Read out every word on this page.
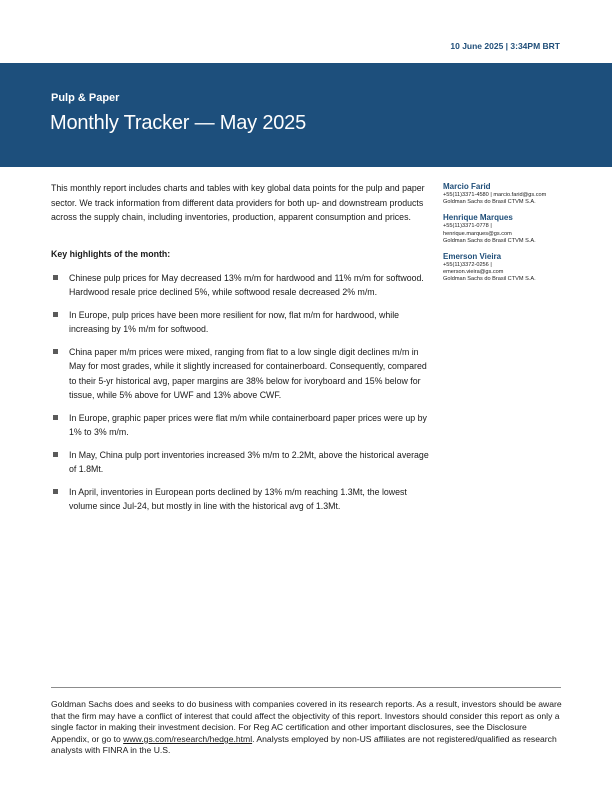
10 June 2025 | 3:34PM BRT
Pulp & Paper
Monthly Tracker — May 2025

This monthly report includes charts and tables with key global data points for the pulp and paper sector. We track information from different data providers for both up- and downstream products across the supply chain, including inventories, production, apparent consumption and prices.

Key highlights of the month:

Chinese pulp prices for May decreased 13% m/m for hardwood and 11% m/m for softwood. Hardwood resale price declined 5%, while softwood resale decreased 2% m/m.
In Europe, pulp prices have been more resilient for now, flat m/m for hardwood, while increasing by 1% m/m for softwood.
China paper m/m prices were mixed, ranging from flat to a low single digit declines m/m in May for most grades, while it slightly increased for containerboard. Consequently, compared to their 5-yr historical avg, paper margins are 38% below for ivoryboard and 15% below for tissue, while 5% above for UWF and 13% above CWF.
In Europe, graphic paper prices were flat m/m while containerboard paper prices were up by 1% to 3% m/m.
In May, China pulp port inventories increased 3% m/m to 2.2Mt, above the historical average of 1.8Mt.
In April, inventories in European ports declined by 13% m/m reaching 1.3Mt, the lowest volume since Jul-24, but mostly in line with the historical avg of 1.3Mt.
Marcio Farid
+55(11)3371-4580 | marcio.farid@gs.com
Goldman Sachs do Brasil CTVM S.A.
Henrique Marques
+55(11)3371-0778 |
henrique.marques@gs.com
Goldman Sachs do Brasil CTVM S.A.
Emerson Vieira
+55(11)3372-0256 |
emerson.vieira@gs.com
Goldman Sachs do Brasil CTVM S.A.

Goldman Sachs does and seeks to do business with companies covered in its research reports. As a result, investors should be aware that the firm may have a conflict of interest that could affect the objectivity of this report. Investors should consider this report as only a single factor in making their investment decision. For Reg AC certification and other important disclosures, see the Disclosure Appendix, or go to www.gs.com/research/hedge.html. Analysts employed by non-US affiliates are not registered/qualified as research analysts with FINRA in the U.S.
